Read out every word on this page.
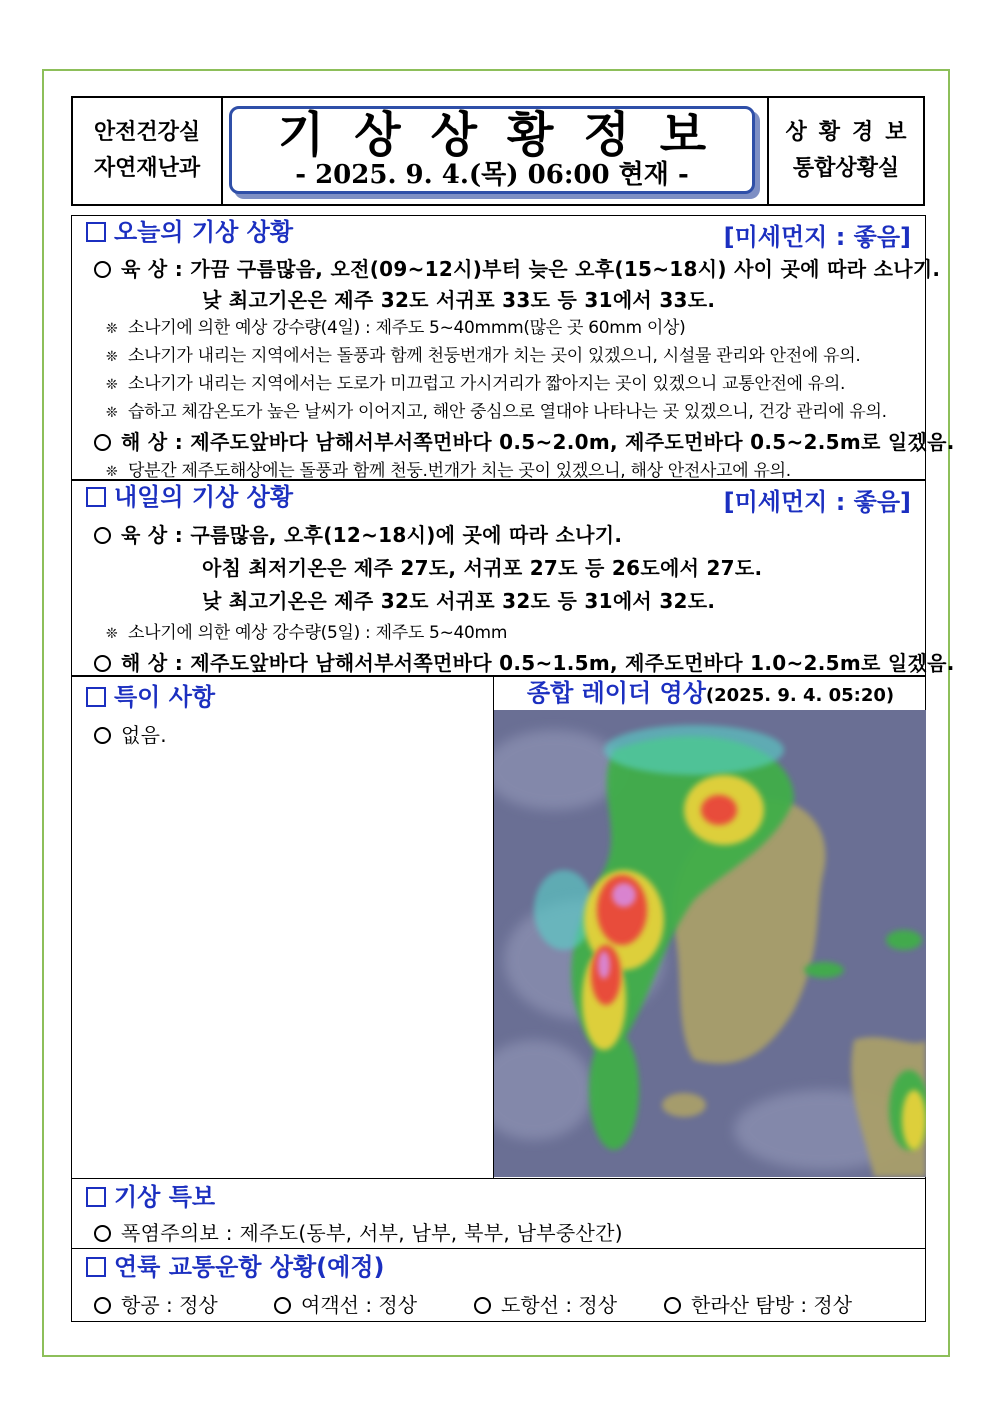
안전건강실
자연재난과
기상상황정보
- 2025. 9. 4.(목) 06:00 현재 -
상황경보
통합상황실
오늘의 기상 상황	[미세먼지 : 좋음]
육 상 : 가끔 구름많음, 오전(09~12시)부터 늦은 오후(15~18시) 사이 곳에 따라 소나기.
낮 최고기온은 제주 32도 서귀포 33도 등 31에서 33도.
❊ 소나기에 의한 예상 강수량(4일) : 제주도 5~40mmm(많은 곳 60mm 이상)
❊ 소나기가 내리는 지역에서는 돌풍과 함께 천둥번개가 치는 곳이 있겠으니, 시설물 관리와 안전에 유의.
❊ 소나기가 내리는 지역에서는 도로가 미끄럽고 가시거리가 짧아지는 곳이 있겠으니 교통안전에 유의.
❊ 습하고 체감온도가 높은 날씨가 이어지고, 해안 중심으로 열대야 나타나는 곳 있겠으니, 건강 관리에 유의.
해 상 : 제주도앞바다 남해서부서쪽먼바다 0.5~2.0m, 제주도먼바다 0.5~2.5m로 일겠음.
❊ 당분간 제주도해상에는 돌풍과 함께 천둥.번개가 치는 곳이 있겠으니, 해상 안전사고에 유의.
내일의 기상 상황	[미세먼지 : 좋음]
육 상 : 구름많음, 오후(12~18시)에 곳에 따라 소나기.
아침 최저기온은 제주 27도, 서귀포 27도 등 26도에서 27도.
낮 최고기온은 제주 32도 서귀포 32도 등 31에서 32도.
❊ 소나기에 의한 예상 강수량(5일) : 제주도 5~40mm
해 상 : 제주도앞바다 남해서부서쪽먼바다 0.5~1.5m, 제주도먼바다 1.0~2.5m로 일겠음.
특이 사항
없음.
종합 레이더 영상(2025. 9. 4. 05:20)
기상 특보
폭염주의보 : 제주도(동부, 서부, 남부, 북부, 남부중산간)
연륙 교통운항 상황(예정)
항공 : 정상	여객선 : 정상	도항선 : 정상	한라산 탐방 : 정상
